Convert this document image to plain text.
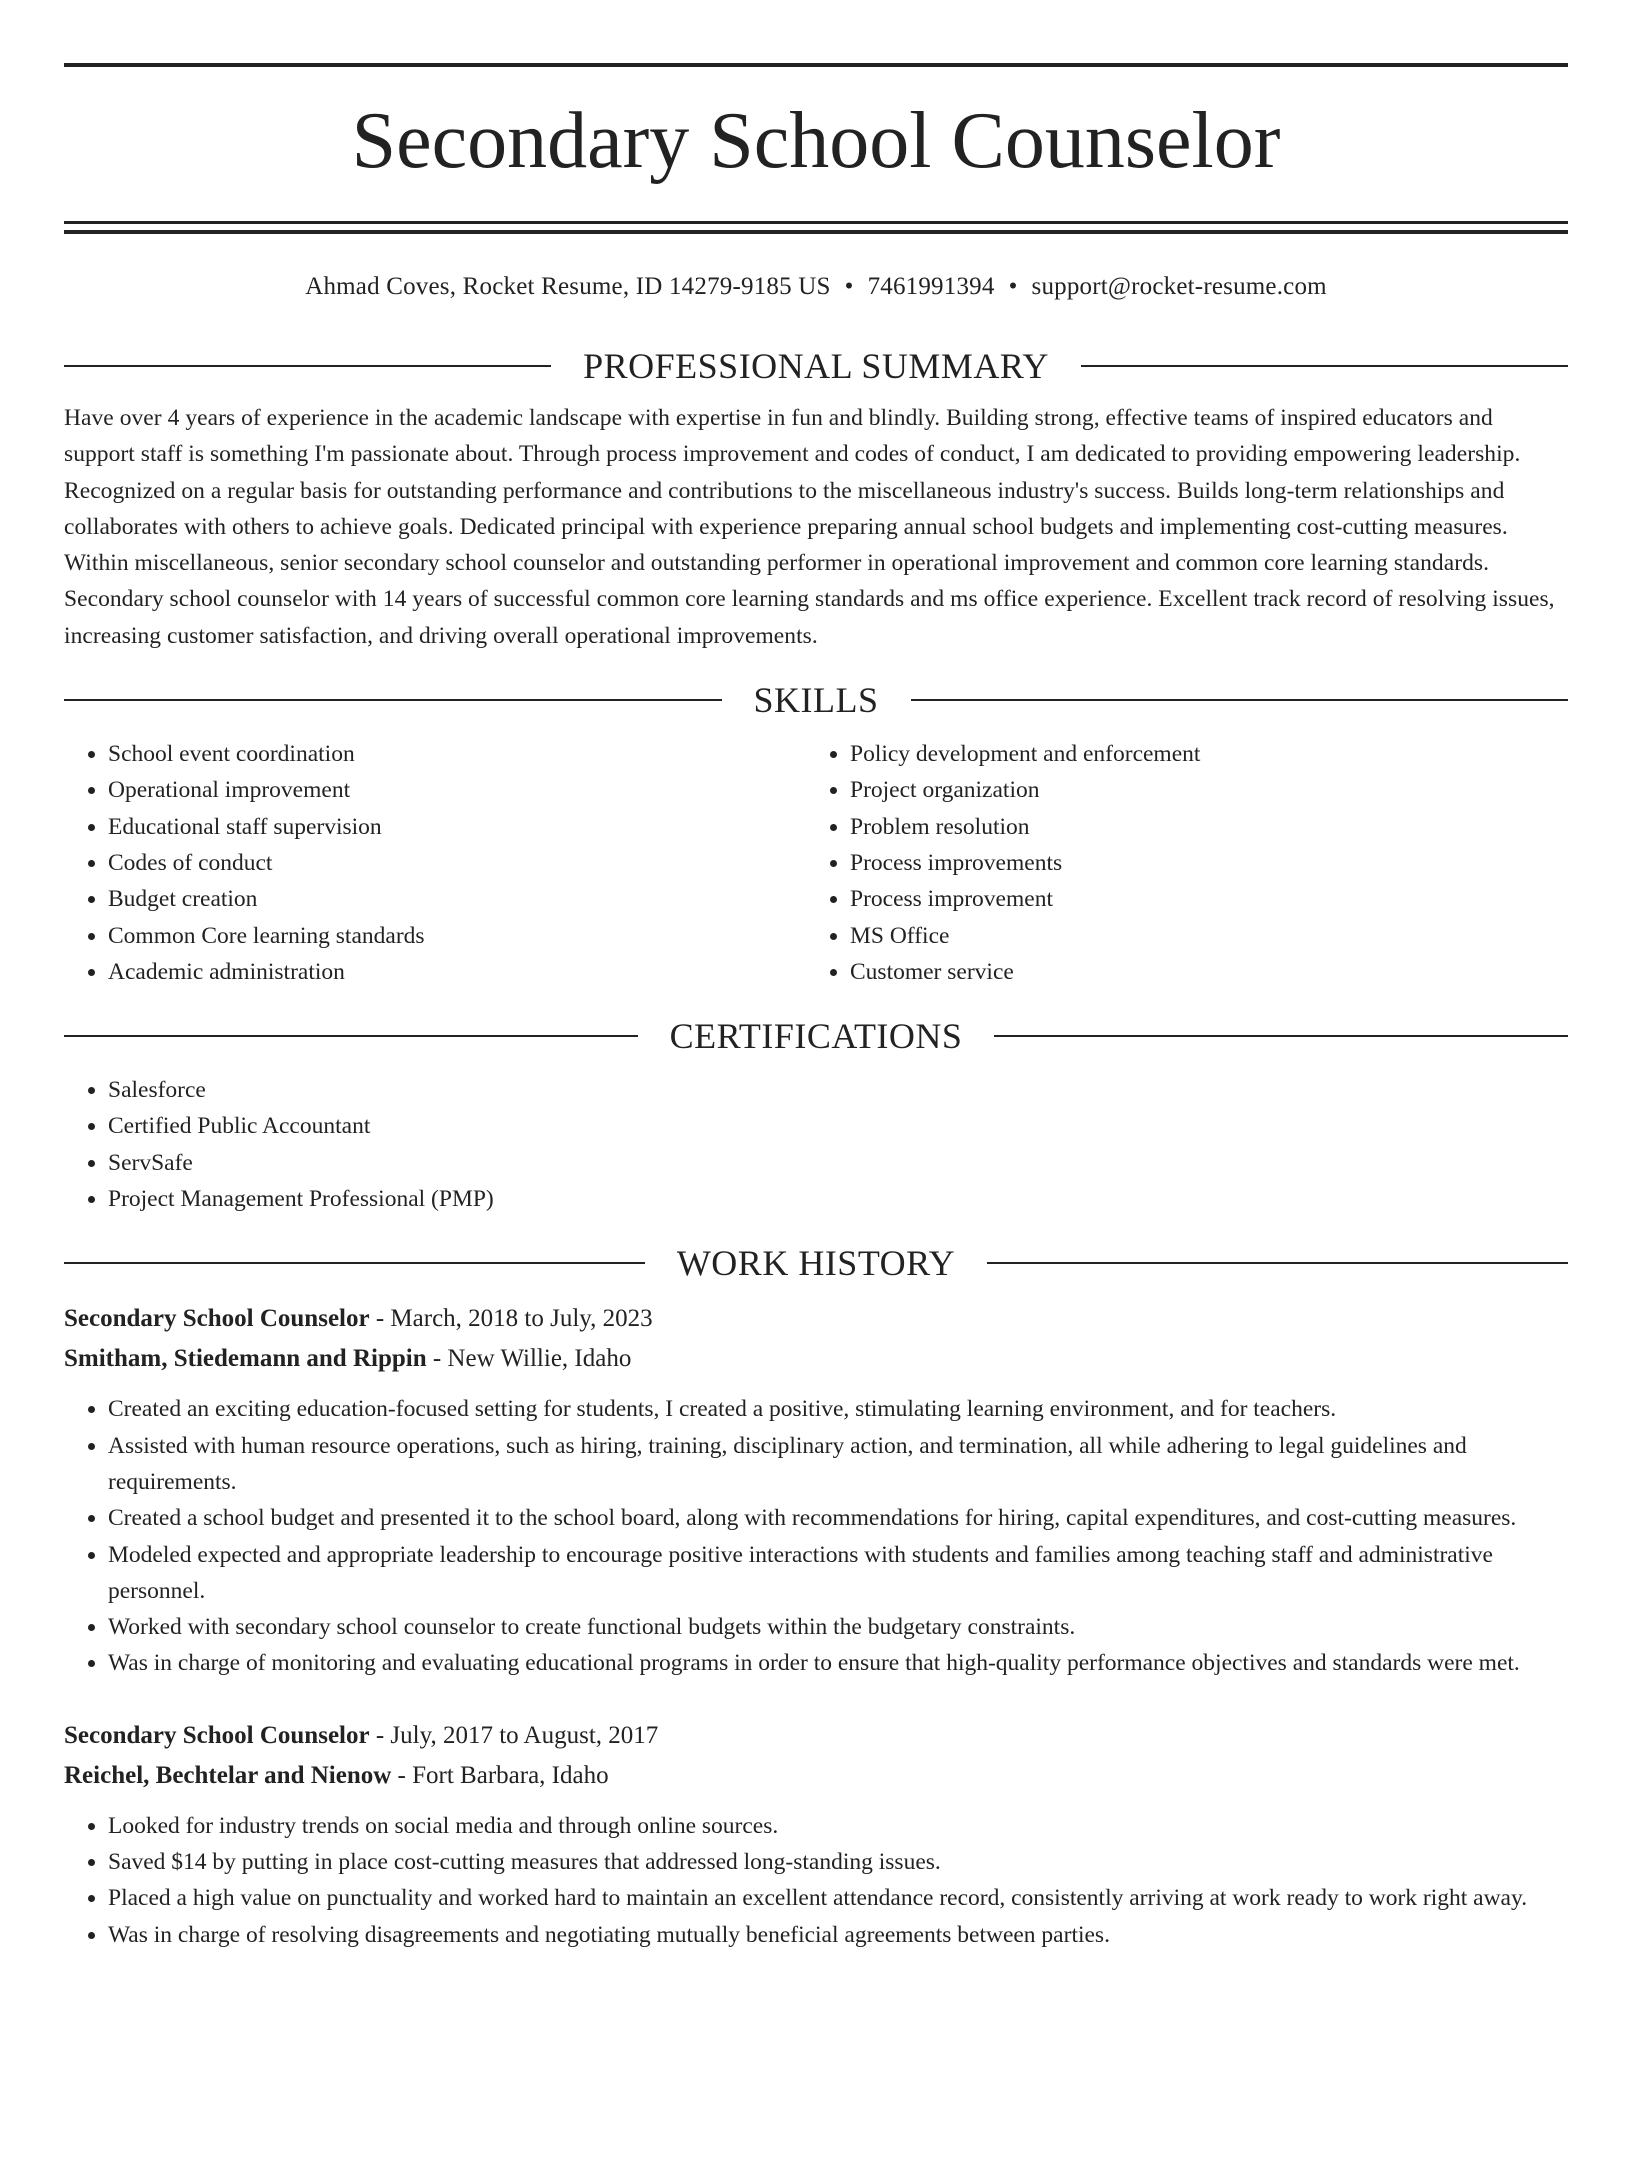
Secondary School Counselor
Ahmad Coves, Rocket Resume, ID 14279-9185 US • 7461991394 • support@rocket-resume.com
PROFESSIONAL SUMMARY

Have over 4 years of experience in the academic landscape with expertise in fun and blindly. Building strong, effective teams of inspired educators and support staff is something I'm passionate about. Through process improvement and codes of conduct, I am dedicated to providing empowering leadership. Recognized on a regular basis for outstanding performance and contributions to the miscellaneous industry's success. Builds long-term relationships and collaborates with others to achieve goals. Dedicated principal with experience preparing annual school budgets and implementing cost-cutting measures. Within miscellaneous, senior secondary school counselor and outstanding performer in operational improvement and common core learning standards. Secondary school counselor with 14 years of successful common core learning standards and ms office experience. Excellent track record of resolving issues, increasing customer satisfaction, and driving overall operational improvements.

SKILLS
• School event coordination
• Operational improvement
• Educational staff supervision
• Codes of conduct
• Budget creation
• Common Core learning standards
• Academic administration
• Policy development and enforcement
• Project organization
• Problem resolution
• Process improvements
• Process improvement
• MS Office
• Customer service
CERTIFICATIONS
• Salesforce
• Certified Public Accountant
• ServSafe
• Project Management Professional (PMP)
WORK HISTORY
Secondary School Counselor - March, 2018 to July, 2023
Smitham, Stiedemann and Rippin - New Willie, Idaho
• Created an exciting education-focused setting for students, I created a positive, stimulating learning environment, and for teachers.
• Assisted with human resource operations, such as hiring, training, disciplinary action, and termination, all while adhering to legal guidelines and requirements.
• Created a school budget and presented it to the school board, along with recommendations for hiring, capital expenditures, and cost-cutting measures.
• Modeled expected and appropriate leadership to encourage positive interactions with students and families among teaching staff and administrative personnel.
• Worked with secondary school counselor to create functional budgets within the budgetary constraints.
• Was in charge of monitoring and evaluating educational programs in order to ensure that high-quality performance objectives and standards were met.
Secondary School Counselor - July, 2017 to August, 2017
Reichel, Bechtelar and Nienow - Fort Barbara, Idaho
• Looked for industry trends on social media and through online sources.
• Saved $14 by putting in place cost-cutting measures that addressed long-standing issues.
• Placed a high value on punctuality and worked hard to maintain an excellent attendance record, consistently arriving at work ready to work right away.
• Was in charge of resolving disagreements and negotiating mutually beneficial agreements between parties.
